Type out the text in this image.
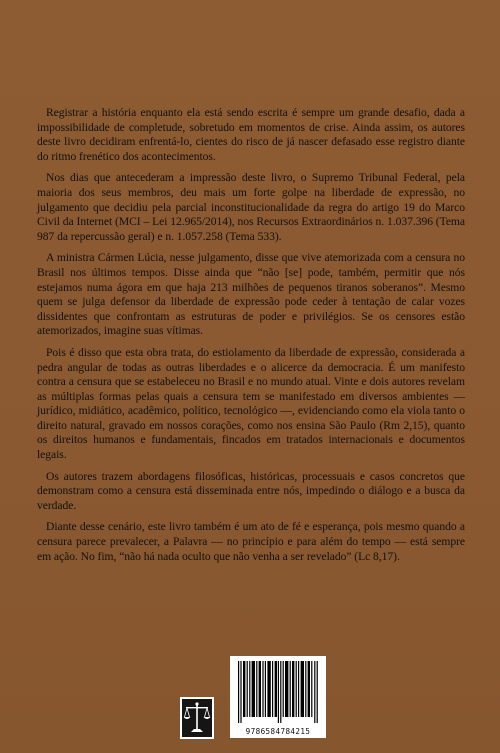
Registrar a história enquanto ela está sendo escrita é sempre um grande desafio, dada a impossibilidade de completude, sobretudo em momentos de crise. Ainda assim, os autores deste livro decidiram enfrentá-lo, cientes do risco de já nascer defasado esse registro diante do ritmo frenético dos acontecimentos.

Nos dias que antecederam a impressão deste livro, o Supremo Tribunal Federal, pela maioria dos seus membros, deu mais um forte golpe na liberdade de expressão, no julgamento que decidiu pela parcial inconstitucionalidade da regra do artigo 19 do Marco Civil da Internet (MCI – Lei 12.965/2014), nos Recursos Extraordinários n. 1.037.396 (Tema 987 da repercussão geral) e n. 1.057.258 (Tema 533).

A ministra Cármen Lúcia, nesse julgamento, disse que vive atemorizada com a censura no Brasil nos últimos tempos. Disse ainda que “não [se] pode, também, permitir que nós estejamos numa ágora em que haja 213 milhões de pequenos tiranos soberanos”. Mesmo quem se julga defensor da liberdade de expressão pode ceder à tentação de calar vozes dissidentes que confrontam as estruturas de poder e privilégios. Se os censores estão atemorizados, imagine suas vítimas.

Pois é disso que esta obra trata, do estiolamento da liberdade de expressão, considerada a pedra angular de todas as outras liberdades e o alicerce da democracia. É um manifesto contra a censura que se estabeleceu no Brasil e no mundo atual. Vinte e dois autores revelam as múltiplas formas pelas quais a censura tem se manifestado em diversos ambientes — jurídico, midiático, acadêmico, político, tecnológico —, evidenciando como ela viola tanto o direito natural, gravado em nossos corações, como nos ensina São Paulo (Rm 2,15), quanto os direitos humanos e fundamentais, fincados em tratados internacionais e documentos legais.

Os autores trazem abordagens filosóficas, históricas, processuais e casos concretos que demonstram como a censura está disseminada entre nós, impedindo o diálogo e a busca da verdade.

Diante desse cenário, este livro também é um ato de fé e esperança, pois mesmo quando a censura parece prevalecer, a Palavra — no princípio e para além do tempo — está sempre em ação. No fim, “não há nada oculto que não venha a ser revelado” (Lc 8,17).

9786584784215
